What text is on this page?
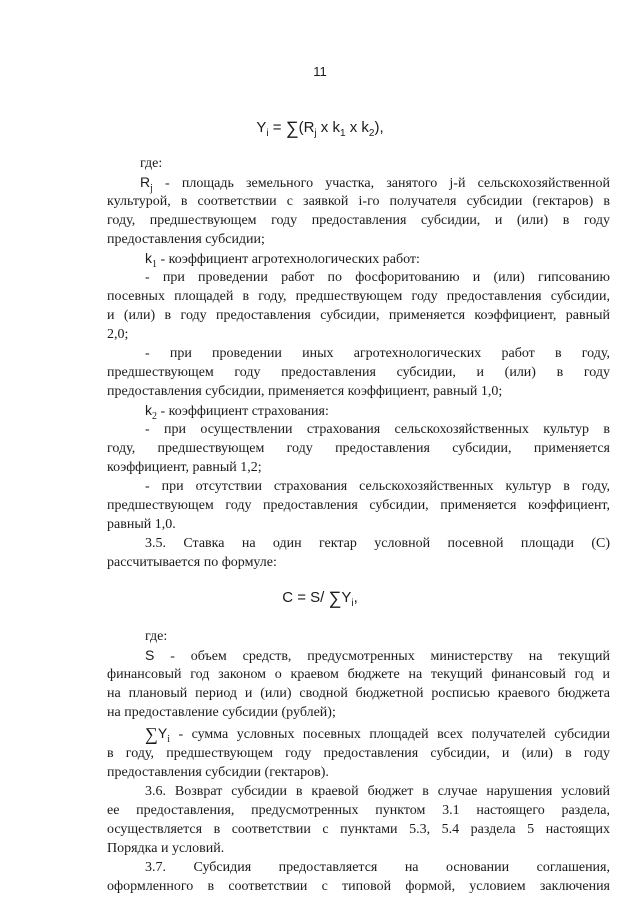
11
$Y_i = \sum(R_j$ x $k_1$ x $k_2$),

где:

$R_j$ - площадь земельного участка, занятого j-й сельскохозяйственной

культурой, в соответствии с заявкой i-го получателя субсидии (гектаров) в

году, предшествующем году предоставления субсидии, и (или) в году

предоставления субсидии;

$k_1$ - коэффициент агротехнологических работ:

- при проведении работ по фосфоритованию и (или) гипсованию

посевных площадей в году, предшествующем году предоставления субсидии,

и (или) в году предоставления субсидии, применяется коэффициент, равный

2,0;

- при проведении иных агротехнологических работ в году,

предшествующем году предоставления субсидии, и (или) в году

предоставления субсидии, применяется коэффициент, равный 1,0;

$k_2$ - коэффициент страхования:

- при осуществлении страхования сельскохозяйственных культур в

году, предшествующем году предоставления субсидии, применяется

коэффициент, равный 1,2;

- при отсутствии страхования сельскохозяйственных культур в году,

предшествующем году предоставления субсидии, применяется коэффициент,

равный 1,0.

3.5. Ставка на один гектар условной посевной площади (С)

рассчитывается по формуле:

C = S/ $\sum Y_i$,

где:

S - объем средств, предусмотренных министерству на текущий

финансовый год законом о краевом бюджете на текущий финансовый год и

на плановый период и (или) сводной бюджетной росписью краевого бюджета

на предоставление субсидии (рублей);

$\sum Y_i$ - сумма условных посевных площадей всех получателей субсидии

в году, предшествующем году предоставления субсидии, и (или) в году

предоставления субсидии (гектаров).

3.6. Возврат субсидии в краевой бюджет в случае нарушения условий

ее предоставления, предусмотренных пунктом 3.1 настоящего раздела,

осуществляется в соответствии с пунктами 5.3, 5.4 раздела 5 настоящих

Порядка и условий.

3.7. Субсидия предоставляется на основании соглашения,

оформленного в соответствии с типовой формой, условием заключения
